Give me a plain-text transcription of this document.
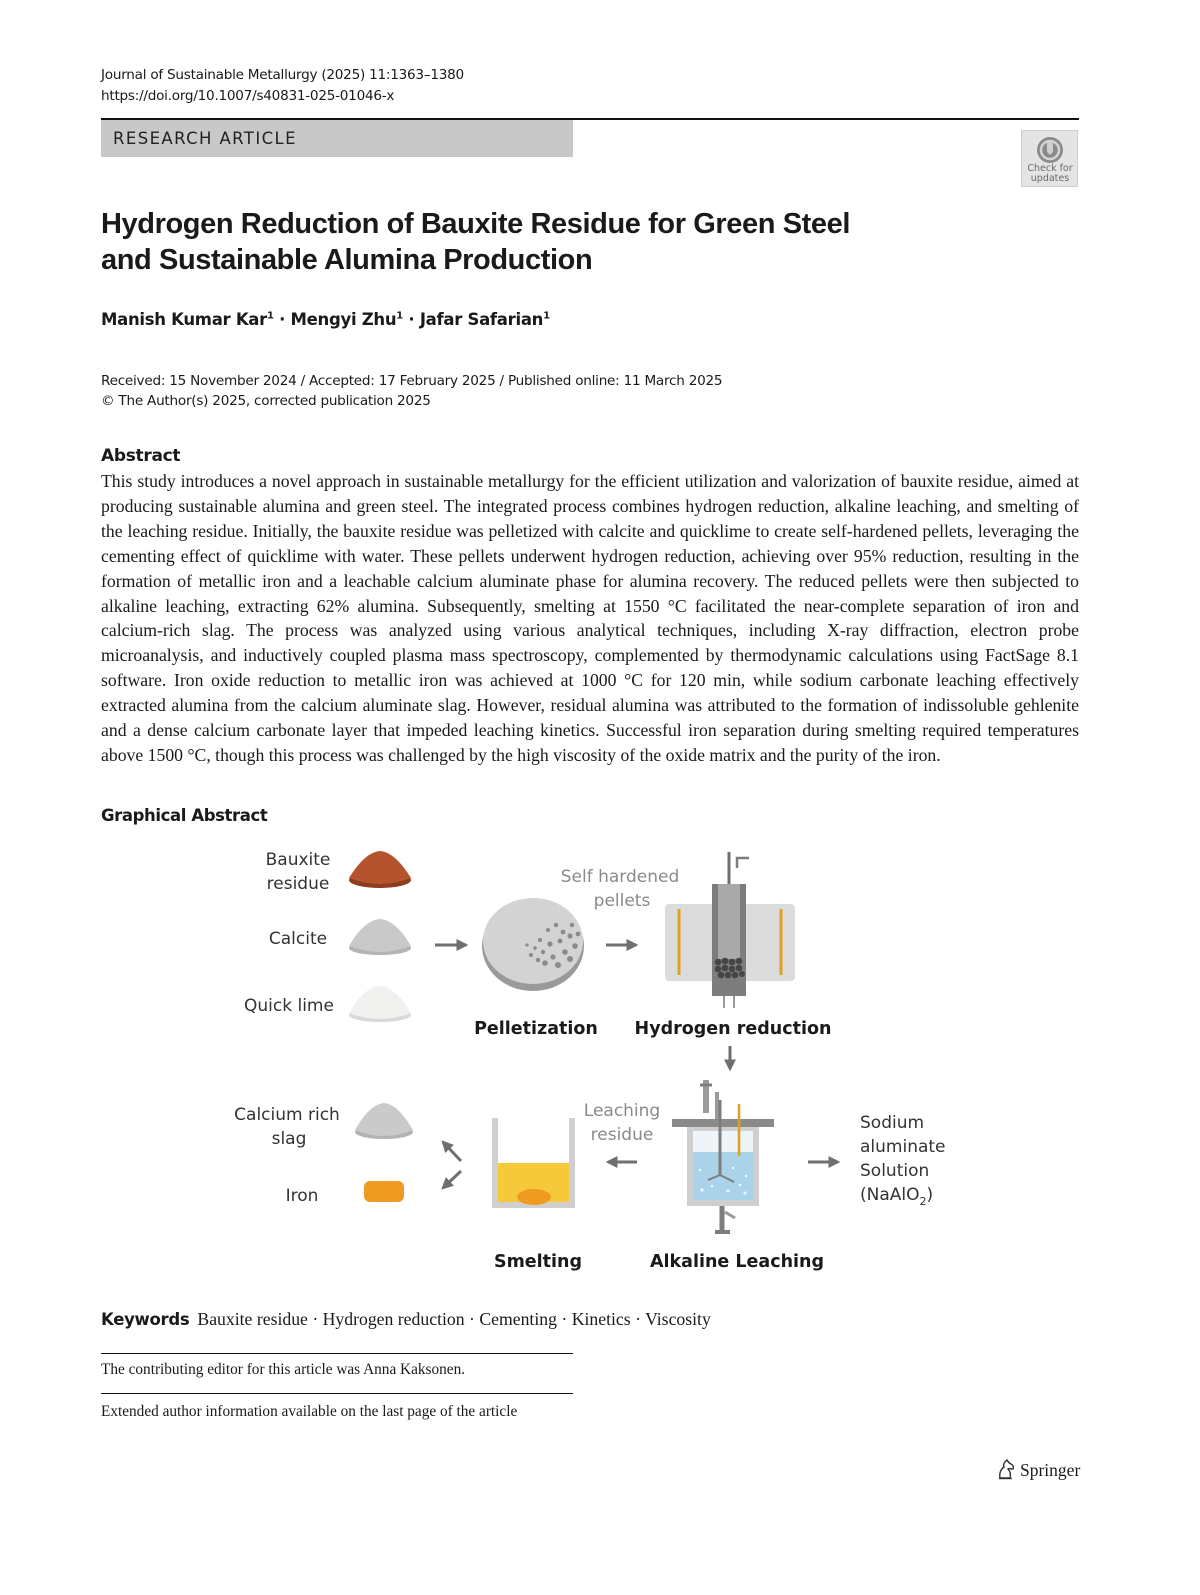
Journal of Sustainable Metallurgy (2025) 11:1363–1380
https://doi.org/10.1007/s40831-025-01046-x
RESEARCH ARTICLE
Check for updates
Hydrogen Reduction of Bauxite Residue for Green Steel and Sustainable Alumina Production
Manish Kumar Kar$^1$ · Mengyi Zhu$^1$ · Jafar Safarian$^1$
Received: 15 November 2024 / Accepted: 17 February 2025 / Published online: 11 March 2025
© The Author(s) 2025, corrected publication 2025
Abstract
This study introduces a novel approach in sustainable metallurgy for the efficient utilization and valorization of bauxite residue, aimed at producing sustainable alumina and green steel. The integrated process combines hydrogen reduction, alkaline leaching, and smelting of the leaching residue. Initially, the bauxite residue was pelletized with calcite and quicklime to create self-hardened pellets, leveraging the cementing effect of quicklime with water. These pellets underwent hydrogen reduction, achieving over 95% reduction, resulting in the formation of metallic iron and a leachable calcium aluminate phase for alumina recovery. The reduced pellets were then subjected to alkaline leaching, extracting 62% alumina. Subsequently, smelting at 1550 °C facilitated the near-complete separation of iron and calcium-rich slag. The process was analyzed using various analytical techniques, including X-ray diffraction, electron probe microanalysis, and inductively coupled plasma mass spectroscopy, complemented by thermodynamic calculations using FactSage 8.1 software. Iron oxide reduction to metallic iron was achieved at 1000 °C for 120 min, while sodium carbonate leaching effectively extracted alumina from the calcium aluminate slag. However, residual alumina was attributed to the formation of indissoluble gehlenite and a dense calcium carbonate layer that impeded leaching kinetics. Successful iron separation during smelting required temperatures above 1500 °C, though this process was challenged by the high viscosity of the oxide matrix and the purity of the iron.
Graphical Abstract
Bauxite
residue
Calcite
Quick lime
Self hardened
pellets
Pelletization Hydrogen reduction
Leaching
residue
Sodium
aluminate
Solution
(NaAlO$_2$)
Calcium rich
slag
Iron
Smelting	Alkaline Leaching
Keywords Bauxite residue · Hydrogen reduction · Cementing · Kinetics · Viscosity
The contributing editor for this article was Anna Kaksonen.
Extended author information available on the last page of the article
Springer
